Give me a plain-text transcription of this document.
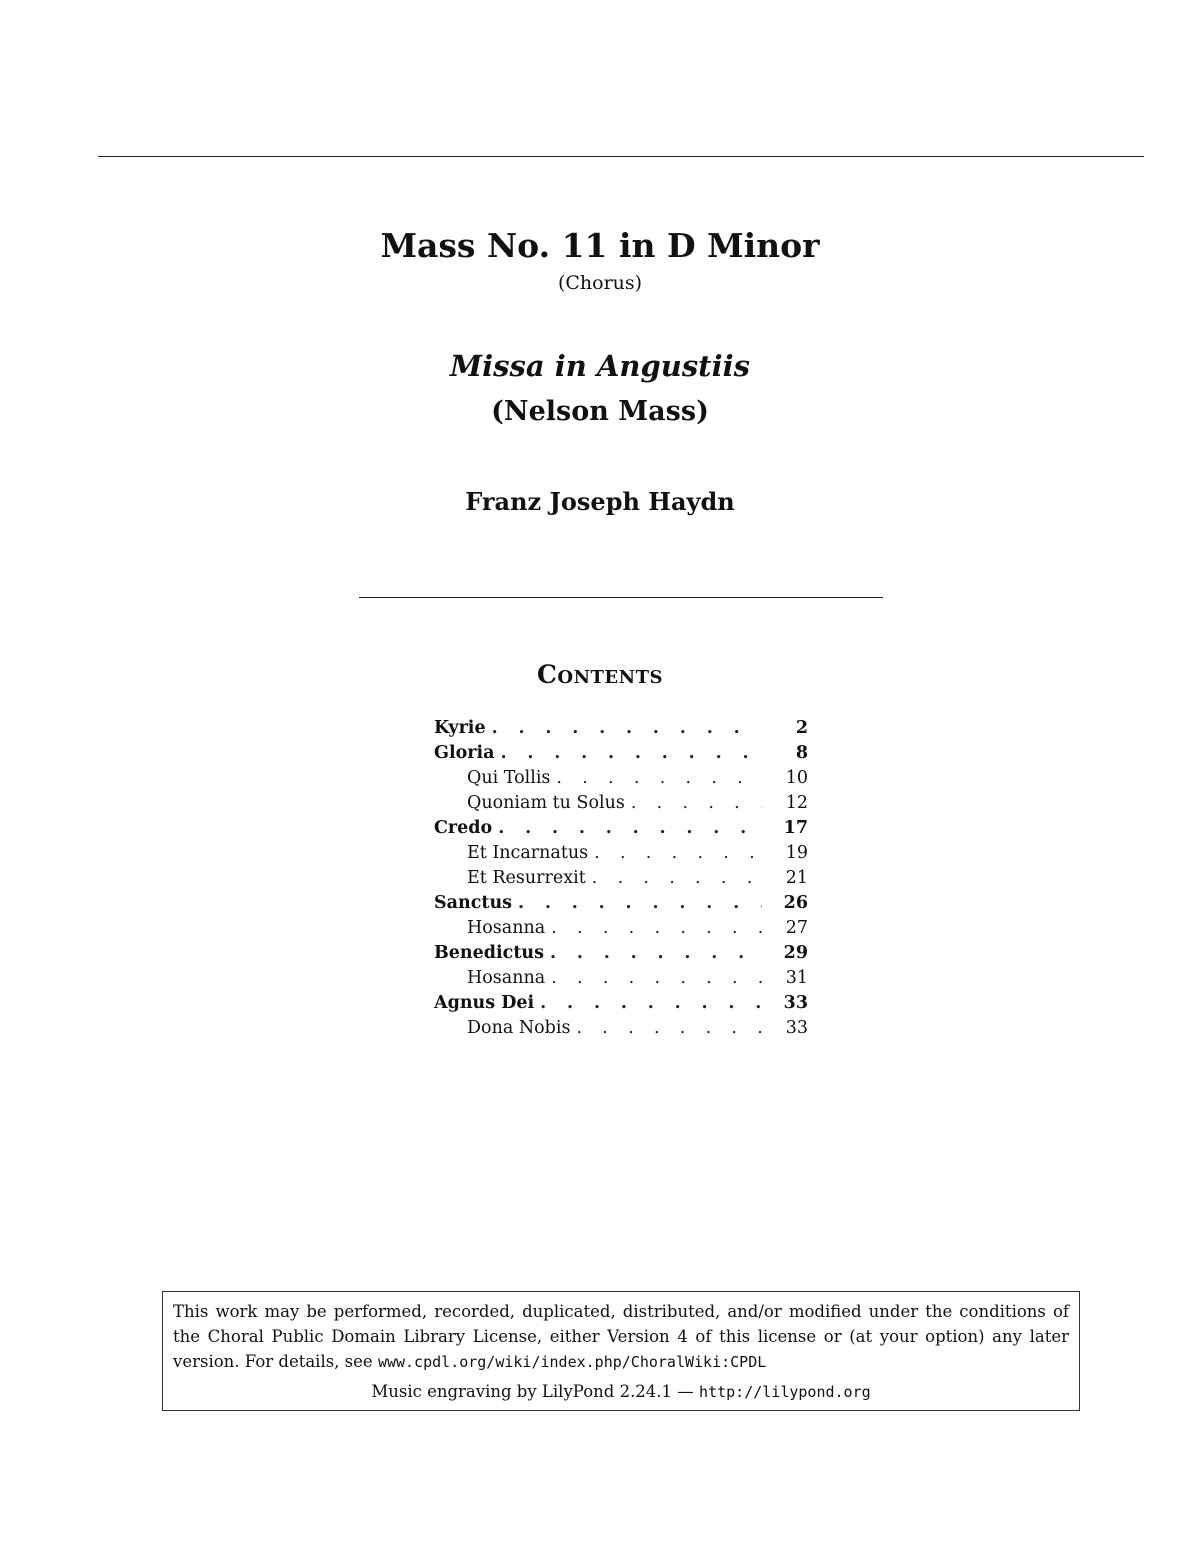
Mass No. 11 in D Minor
(Chorus)
Missa in Angustiis
(Nelson Mass)
Franz Joseph Haydn
Contents
Kyrie . . .	2
Gloria . . .	8
Qui Tollis . . .	10
Quoniam tu Solus . . .	12
Credo . . .	17
Et Incarnatus . . .	19
Et Resurrexit . . .	21
Sanctus . . .	26
Hosanna . . .	27
Benedictus . . .	29
Hosanna . . .	31
Agnus Dei . . .	33
Dona Nobis . . .	33
This work may be performed, recorded, duplicated, distributed, and/or modified under the conditions of the Choral Public Domain Library License, either Version 4 of this license or (at your option) any later version. For details, see www.cpdl.org/wiki/index.php/ChoralWiki:CPDL
Music engraving by LilyPond 2.24.1 — http://lilypond.org
